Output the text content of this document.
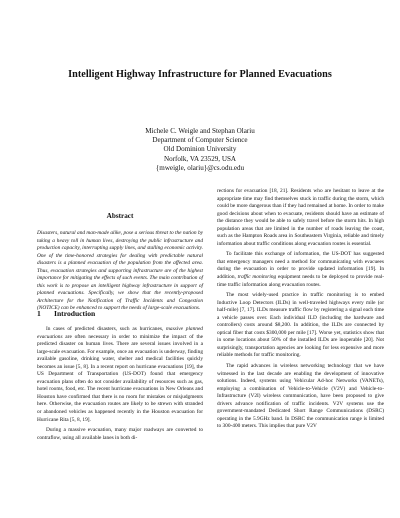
Intelligent Highway Infrastructure for Planned Evacuations
Michele C. Weigle and Stephan Olariu
Department of Computer Science
Old Dominion University
Norfolk, VA 23529, USA
{mweigle, olariu}@cs.odu.edu
Abstract
Disasters, natural and man-made alike, pose a serious threat to the nation by taking a heavy toll in human lives, destroying the public infrastructure and production capacity, interrupting supply lines, and stalling economic activity. One of the time-honored strategies for dealing with predictable natural disasters is a planned evacuation of the population from the affected area. Thus, evacuation strategies and supporting infrastructure are of the highest importance for mitigating the effects of such events. The main contribution of this work is to propose an intelligent highway infrastructure in support of planned evacuations. Specifically, we show that the recently-proposed Architecture for the Notification of Traffic Incidents and Congestion (NOTICE) can be enhanced to support the needs of large-scale evacuations.
1 Introduction

In cases of predicted disasters, such as hurricanes, massive planned evacuations are often necessary in order to minimize the impact of the predicted disaster on human lives. There are several issues involved in a large-scale evacuation. For example, once an evacuation is underway, finding available gasoline, drinking water, shelter and medical facilities quickly becomes an issue [5, 8]. In a recent report on hurricane evacuations [19], the US Department of Transportation (US-DOT) found that emergency evacuation plans often do not consider availability of resources such as gas, hotel rooms, food, etc. The recent hurricane evacuations in New Orleans and Houston have confirmed that there is no room for mistakes or misjudgments here. Otherwise, the evacuation routes are likely to be strewn with stranded or abandoned vehicles as happened recently in the Houston evacuation for Hurricane Rita [5, 8, 19].

During a massive evacuation, many major roadways are converted to contraflow, using all available lanes in both di-

rections for evacuation [18, 21]. Residents who are hesitant to leave at the appropriate time may find themselves stuck in traffic during the storm, which could be more dangerous than if they had remained at home. In order to make good decisions about when to evacuate, residents should have an estimate of the distance they would be able to safely travel before the storm hits. In high population areas that are limited in the number of roads leaving the coast, such as the Hampton Roads area in Southeastern Virginia, reliable and timely information about traffic conditions along evacuation routes is essential.

To facilitate this exchange of information, the US-DOT has suggested that emergency managers need a method for communicating with evacuees during the evacuation in order to provide updated information [19]. In addition, traffic monitoring equipment needs to be deployed to provide real-time traffic information along evacuation routes.

The most widely-used practice in traffic monitoring is to embed Inductive Loop Detectors (ILDs) in well-traveled highways every mile (or half-mile) [7, 17]. ILDs measure traffic flow by registering a signal each time a vehicle passes over. Each individual ILD (including the hardware and controllers) costs around $8,200. In addition, the ILDs are connected by optical fiber that costs $300,000 per mile [17]. Worse yet, statistics show that in some locations about 50% of the installed ILDs are inoperable [20]. Not surprisingly, transportation agencies are looking for less expensive and more reliable methods for traffic monitoring.

The rapid advances in wireless networking technology that we have witnessed in the last decade are enabling the development of innovative solutions. Indeed, systems using Vehicular Ad-hoc Networks (VANETs), employing a combination of Vehicle-to-Vehicle (V2V) and Vehicle-to-Infrastructure (V2I) wireless communication, have been proposed to give drivers advance notification of traffic incidents. V2V systems use the government-mandated Dedicated Short Range Communications (DSRC) operating in the 5.9GHz band. In DSRC the communication range is limited to 300-400 meters. This implies that pure V2V
